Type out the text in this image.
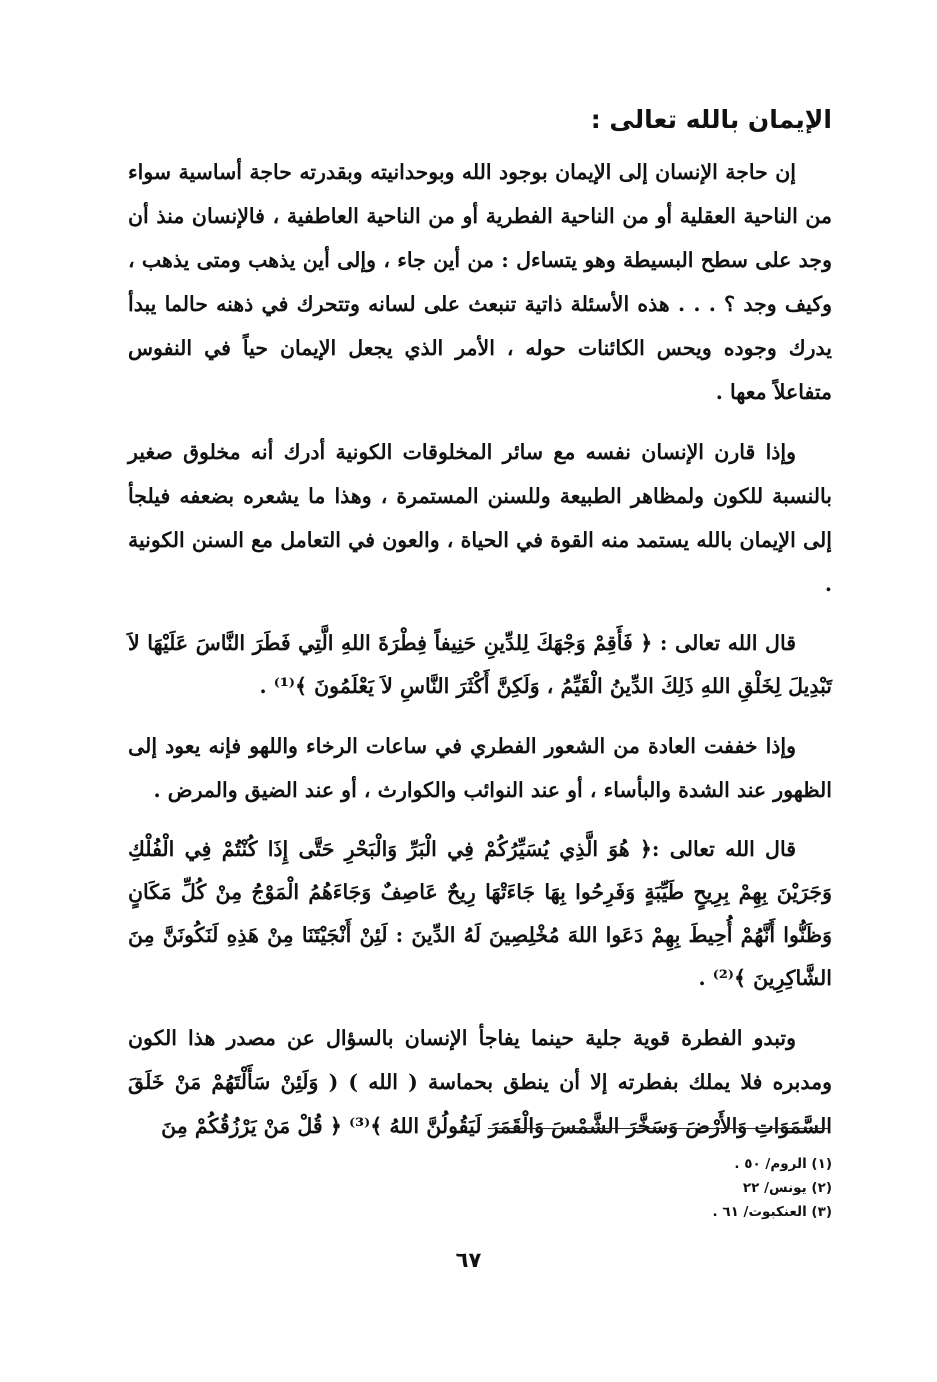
الإيمان بالله تعالى :

إن حاجة الإنسان إلى الإيمان بوجود الله وبوحدانيته وبقدرته حاجة أساسية سواء من الناحية العقلية أو من الناحية الفطرية أو من الناحية العاطفية ، فالإنسان منذ أن وجد على سطح البسيطة وهو يتساءل : من أين جاء ، وإلى أين يذهب ومتى يذهب ، وكيف وجد ؟ . . . هذه الأسئلة ذاتية تنبعث على لسانه وتتحرك في ذهنه حالما يبدأ يدرك وجوده ويحس الكائنات حوله ، الأمر الذي يجعل الإيمان حياً في النفوس متفاعلاً معها .

وإذا قارن الإنسان نفسه مع سائر المخلوقات الكونية أدرك أنه مخلوق صغير بالنسبة للكون ولمظاهر الطبيعة وللسنن المستمرة ، وهذا ما يشعره بضعفه فيلجأ إلى الإيمان بالله يستمد منه القوة في الحياة ، والعون في التعامل مع السنن الكونية .

قال الله تعالى : ﴿ فَأَقِمْ وَجْهَكَ لِلدِّينِ حَنِيفاً فِطْرَةَ اللهِ الَّتِي فَطَرَ النَّاسَ عَلَيْهَا لاَ تَبْدِيلَ لِخَلْقِ اللهِ ذَلِكَ الدِّينُ الْقَيِّمُ ، وَلَكِنَّ أَكْثَرَ النَّاسِ لاَ يَعْلَمُونَ ﴾⁽¹⁾ .

وإذا خففت العادة من الشعور الفطري في ساعات الرخاء واللهو فإنه يعود إلى الظهور عند الشدة والبأساء ، أو عند النوائب والكوارث ، أو عند الضيق والمرض .

قال الله تعالى :﴿ هُوَ الَّذِي يُسَيِّرُكُمْ فِي الْبَرِّ وَالْبَحْرِ حَتَّى إِذَا كُنْتُمْ فِي الْفُلْكِ وَجَرَيْنَ بِهِمْ بِرِيحٍ طَيِّبَةٍ وَفَرِحُوا بِهَا جَاءَتْهَا رِيحٌ عَاصِفٌ وَجَاءَهُمُ الْمَوْجُ مِنْ كُلِّ مَكَانٍ وَظَنُّوا أَنَّهُمْ أُحِيطَ بِهِمْ دَعَوا اللهَ مُخْلِصِينَ لَهُ الدِّينَ : لَئِنْ أَنْجَيْتَنَا مِنْ هَذِهِ لَنَكُونَنَّ مِنَ الشَّاكِرِينَ ﴾⁽²⁾ .

وتبدو الفطرة قوية جلية حينما يفاجأ الإنسان بالسؤال عن مصدر هذا الكون ومدبره فلا يملك بفطرته إلا أن ينطق بحماسة ( الله ) ( وَلَئِنْ سَأَلْتَهُمْ مَنْ خَلَقَ السَّمَوَاتِ وَالأَرْضَ وَسَخَّرَ الشَّمْسَ وَالْقَمَرَ لَيَقُولُنَّ اللهُ ﴾⁽³⁾ ﴿ قُلْ مَنْ يَرْزُقُكُمْ مِنَ

(١) الروم/ ٥٠ .
(٢) يونس/ ٢٢
(٣) العنكبوت/ ٦١ .
٦٧
